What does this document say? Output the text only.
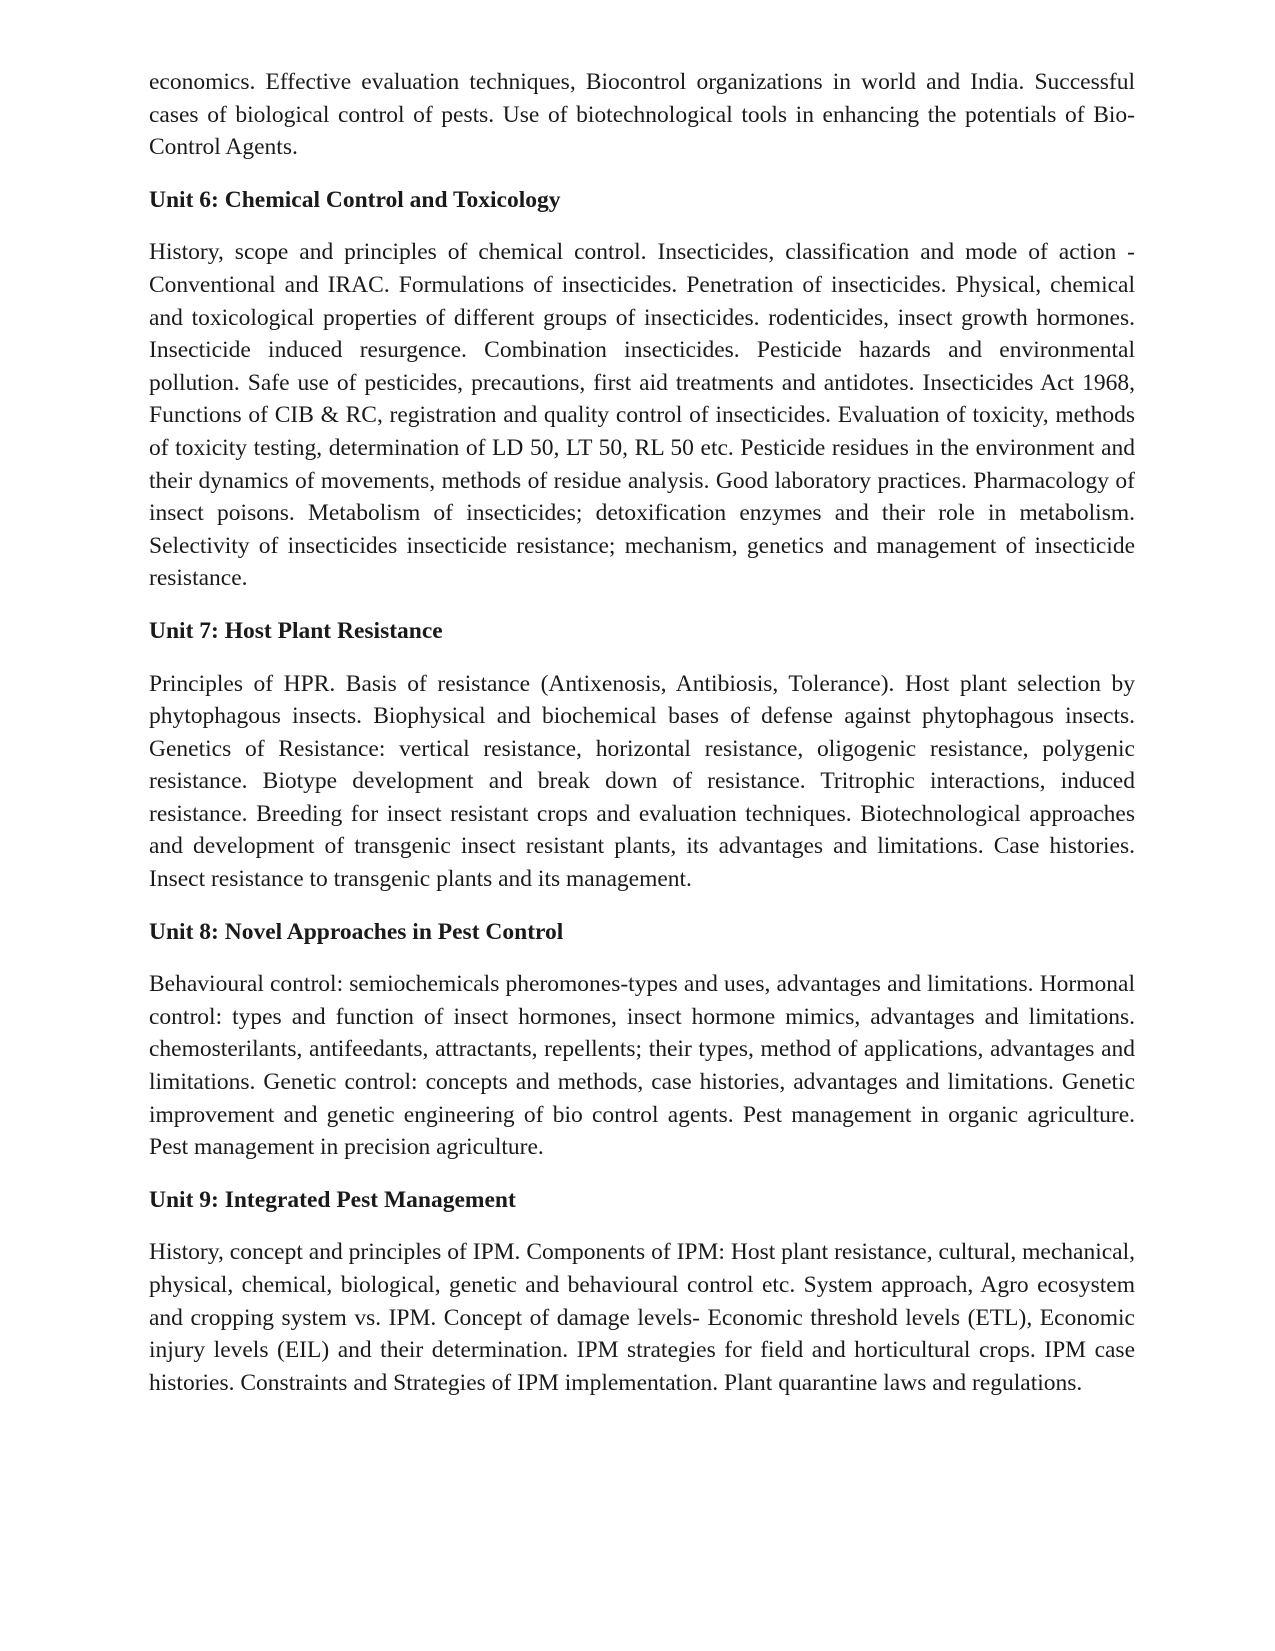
economics. Effective evaluation techniques, Biocontrol organizations in world and India. Successful cases of biological control of pests. Use of biotechnological tools in enhancing the potentials of Bio-Control Agents.

Unit 6: Chemical Control and Toxicology

History, scope and principles of chemical control. Insecticides, classification and mode of action - Conventional and IRAC. Formulations of insecticides. Penetration of insecticides. Physical, chemical and toxicological properties of different groups of insecticides. rodenticides, insect growth hormones. Insecticide induced resurgence. Combination insecticides. Pesticide hazards and environmental pollution. Safe use of pesticides, precautions, first aid treatments and antidotes. Insecticides Act 1968, Functions of CIB & RC, registration and quality control of insecticides. Evaluation of toxicity, methods of toxicity testing, determination of LD 50, LT 50, RL 50 etc. Pesticide residues in the environment and their dynamics of movements, methods of residue analysis. Good laboratory practices. Pharmacology of insect poisons. Metabolism of insecticides; detoxification enzymes and their role in metabolism. Selectivity of insecticides insecticide resistance; mechanism, genetics and management of insecticide resistance.

Unit 7: Host Plant Resistance

Principles of HPR. Basis of resistance (Antixenosis, Antibiosis, Tolerance). Host plant selection by phytophagous insects. Biophysical and biochemical bases of defense against phytophagous insects. Genetics of Resistance: vertical resistance, horizontal resistance, oligogenic resistance, polygenic resistance. Biotype development and break down of resistance. Tritrophic interactions, induced resistance. Breeding for insect resistant crops and evaluation techniques. Biotechnological approaches and development of transgenic insect resistant plants, its advantages and limitations. Case histories. Insect resistance to transgenic plants and its management.

Unit 8: Novel Approaches in Pest Control

Behavioural control: semiochemicals pheromones-types and uses, advantages and limitations. Hormonal control: types and function of insect hormones, insect hormone mimics, advantages and limitations. chemosterilants, antifeedants, attractants, repellents; their types, method of applications, advantages and limitations. Genetic control: concepts and methods, case histories, advantages and limitations. Genetic improvement and genetic engineering of bio control agents. Pest management in organic agriculture. Pest management in precision agriculture.

Unit 9: Integrated Pest Management

History, concept and principles of IPM. Components of IPM: Host plant resistance, cultural, mechanical, physical, chemical, biological, genetic and behavioural control etc. System approach, Agro ecosystem and cropping system vs. IPM. Concept of damage levels- Economic threshold levels (ETL), Economic injury levels (EIL) and their determination. IPM strategies for field and horticultural crops. IPM case histories. Constraints and Strategies of IPM implementation. Plant quarantine laws and regulations.
